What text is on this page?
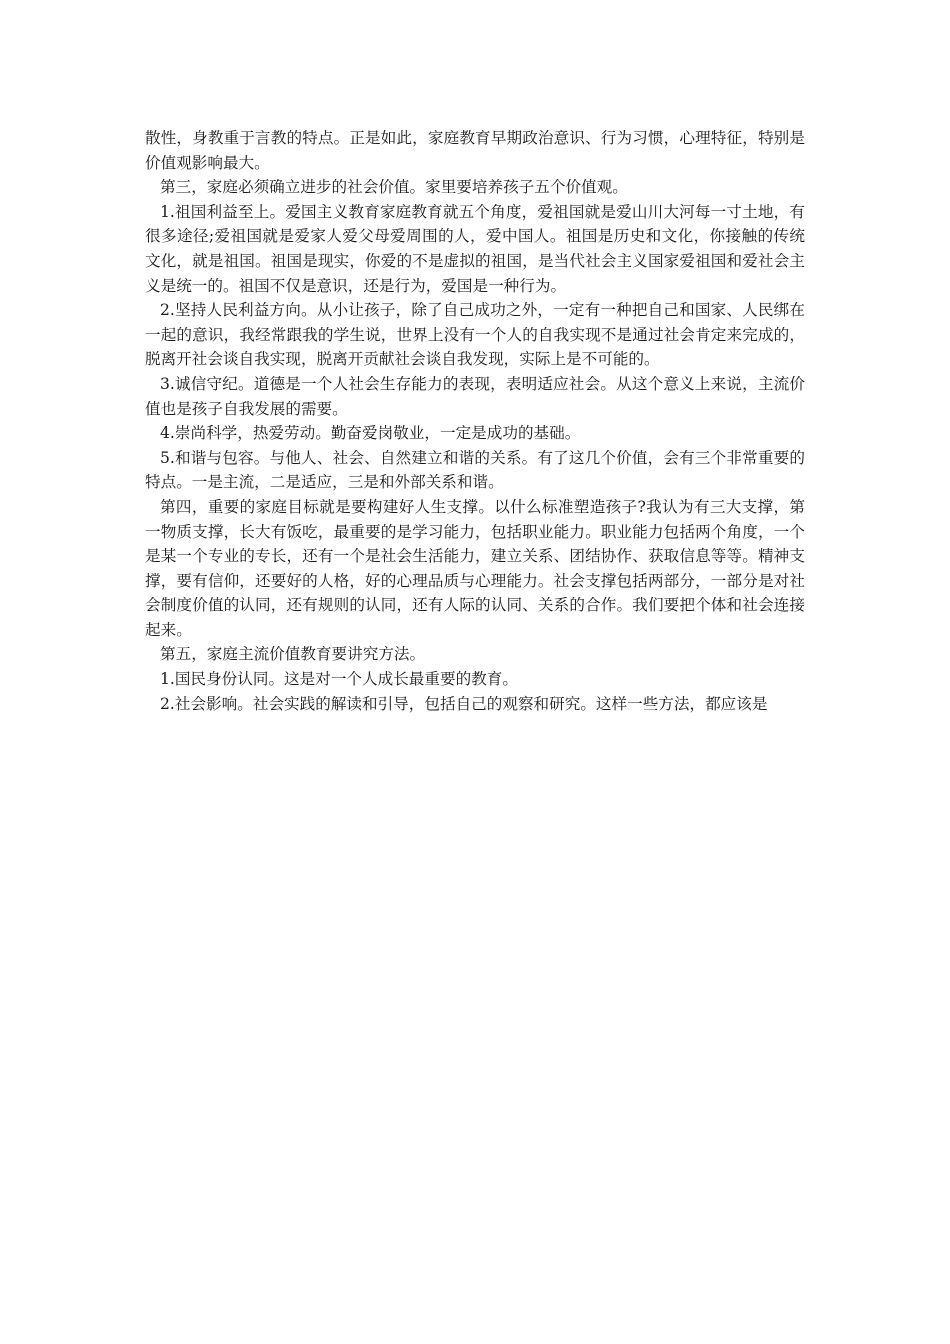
散性，身教重于言教的特点。正是如此，家庭教育早期政治意识、行为习惯，心理特征，特别是价值观影响最大。

第三，家庭必须确立进步的社会价值。家里要培养孩子五个价值观。

1.祖国利益至上。爱国主义教育家庭教育就五个角度，爱祖国就是爱山川大河每一寸土地，有很多途径;爱祖国就是爱家人爱父母爱周围的人，爱中国人。祖国是历史和文化，你接触的传统文化，就是祖国。祖国是现实，你爱的不是虚拟的祖国，是当代社会主义国家爱祖国和爱社会主义是统一的。祖国不仅是意识，还是行为，爱国是一种行为。

2.坚持人民利益方向。从小让孩子，除了自己成功之外，一定有一种把自己和国家、人民绑在一起的意识，我经常跟我的学生说，世界上没有一个人的自我实现不是通过社会肯定来完成的，脱离开社会谈自我实现，脱离开贡献社会谈自我发现，实际上是不可能的。

3.诚信守纪。道德是一个人社会生存能力的表现，表明适应社会。从这个意义上来说，主流价值也是孩子自我发展的需要。

4.崇尚科学，热爱劳动。勤奋爱岗敬业，一定是成功的基础。

5.和谐与包容。与他人、社会、自然建立和谐的关系。有了这几个价值，会有三个非常重要的特点。一是主流，二是适应，三是和外部关系和谐。

第四，重要的家庭目标就是要构建好人生支撑。以什么标准塑造孩子?我认为有三大支撑，第一物质支撑，长大有饭吃，最重要的是学习能力，包括职业能力。职业能力包括两个角度，一个是某一个专业的专长，还有一个是社会生活能力，建立关系、团结协作、获取信息等等。精神支撑，要有信仰，还要好的人格，好的心理品质与心理能力。社会支撑包括两部分，一部分是对社会制度价值的认同，还有规则的认同，还有人际的认同、关系的合作。我们要把个体和社会连接起来。

第五，家庭主流价值教育要讲究方法。

1.国民身份认同。这是对一个人成长最重要的教育。

2.社会影响。社会实践的解读和引导，包括自己的观察和研究。这样一些方法，都应该是
